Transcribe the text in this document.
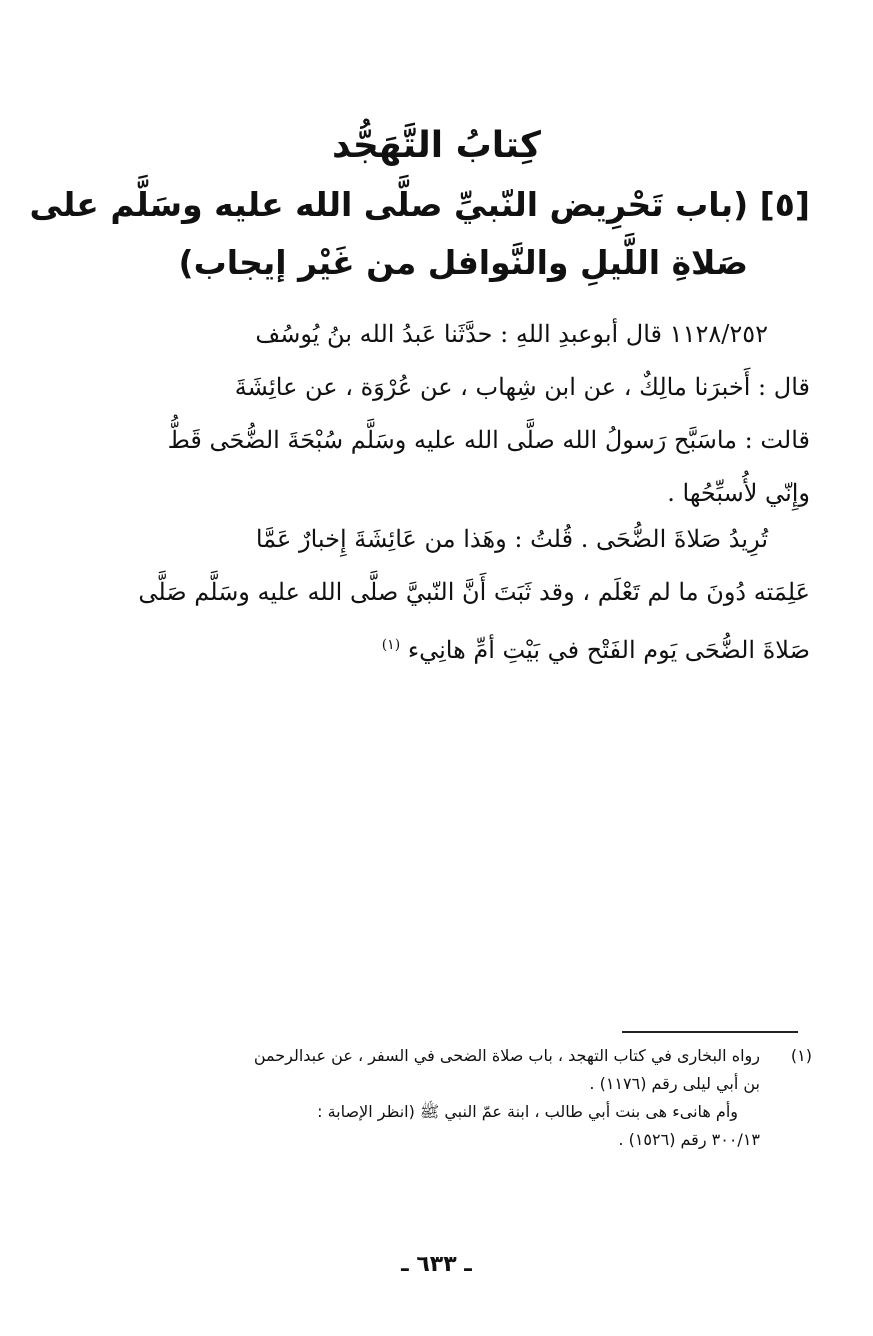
كِتابُ التَّهَجُّد
[٥] (باب تَحْرِيض النّبيِّ صلَّى الله عليه وسَلَّم على
صَلاةِ اللَّيلِ والنَّوافل من غَيْر إيجاب)
١١٢٨/٢٥٢ قال أبوعبدِ اللهِ : حدَّثَنا عَبدُ الله بنُ يُوسُف
قال : أَخبرَنا مالِكٌ ، عن ابن شِهاب ، عن عُرْوَة ، عن عائِشَةَ
قالت : ماسَبَّح رَسولُ الله صلَّى الله عليه وسَلَّم سُبْحَةَ الضُّحَى قَطُّ
وإِنّي لأُسبِّحُها .
تُرِيدُ صَلاةَ الضُّحَى . قُلتُ : وهَذا من عَائِشَةَ إِخبارٌ عَمَّا
عَلِمَته دُونَ ما لم تَعْلَم ، وقد ثَبَتَ أَنَّ النّبيَّ صلَّى الله عليه وسَلَّم صَلَّى
صَلاةَ الضُّحَى يَوم الفَتْح في بَيْتِ أمِّ هانِيء $^{(١)}$
(١)
رواه البخارى في كتاب التهجد ، باب صلاة الضحى في السفر ، عن عبدالرحمن
بن أبي ليلى رقم (١١٧٦) .
وأم هانىء هى بنت أبي طالب ، ابنة عمّ النبي ﷺ (انظر الإصابة :
٣٠٠/١٣ رقم (١٥٢٦) .
ـ ٦٣٣ ـ
